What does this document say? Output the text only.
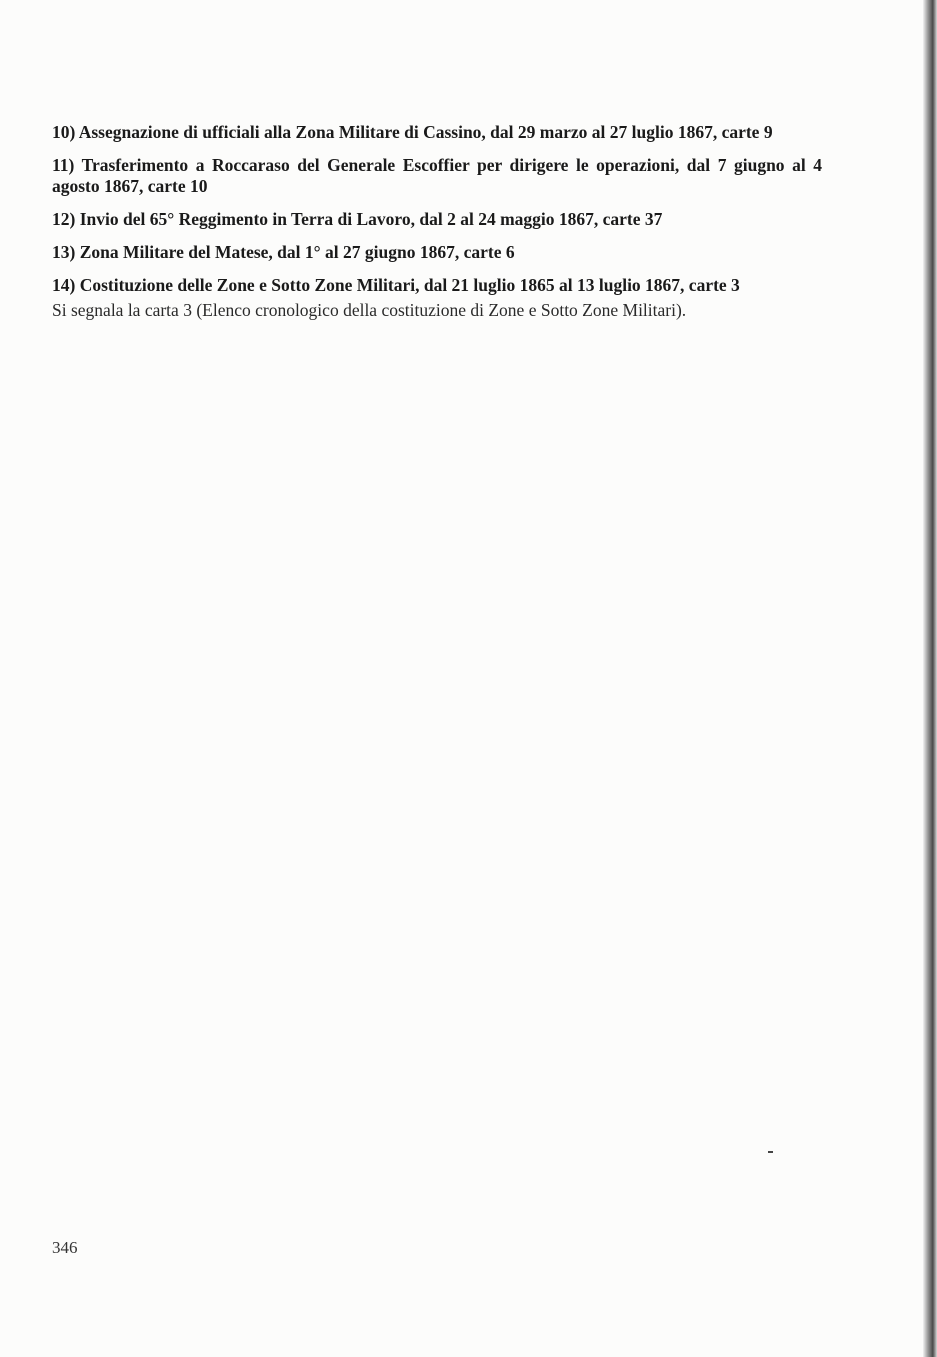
10) Assegnazione di ufficiali alla Zona Militare di Cassino, dal 29 marzo al 27 luglio 1867, carte 9

11) Trasferimento a Roccaraso del Generale Escoffier per dirigere le operazioni, dal 7 giugno al 4 agosto 1867, carte 10

12) Invio del 65° Reggimento in Terra di Lavoro, dal 2 al 24 maggio 1867, carte 37

13) Zona Militare del Matese, dal 1° al 27 giugno 1867, carte 6

14) Costituzione delle Zone e Sotto Zone Militari, dal 21 luglio 1865 al 13 luglio 1867, carte 3

Si segnala la carta 3 (Elenco cronologico della costituzione di Zone e Sotto Zone Militari).

346
